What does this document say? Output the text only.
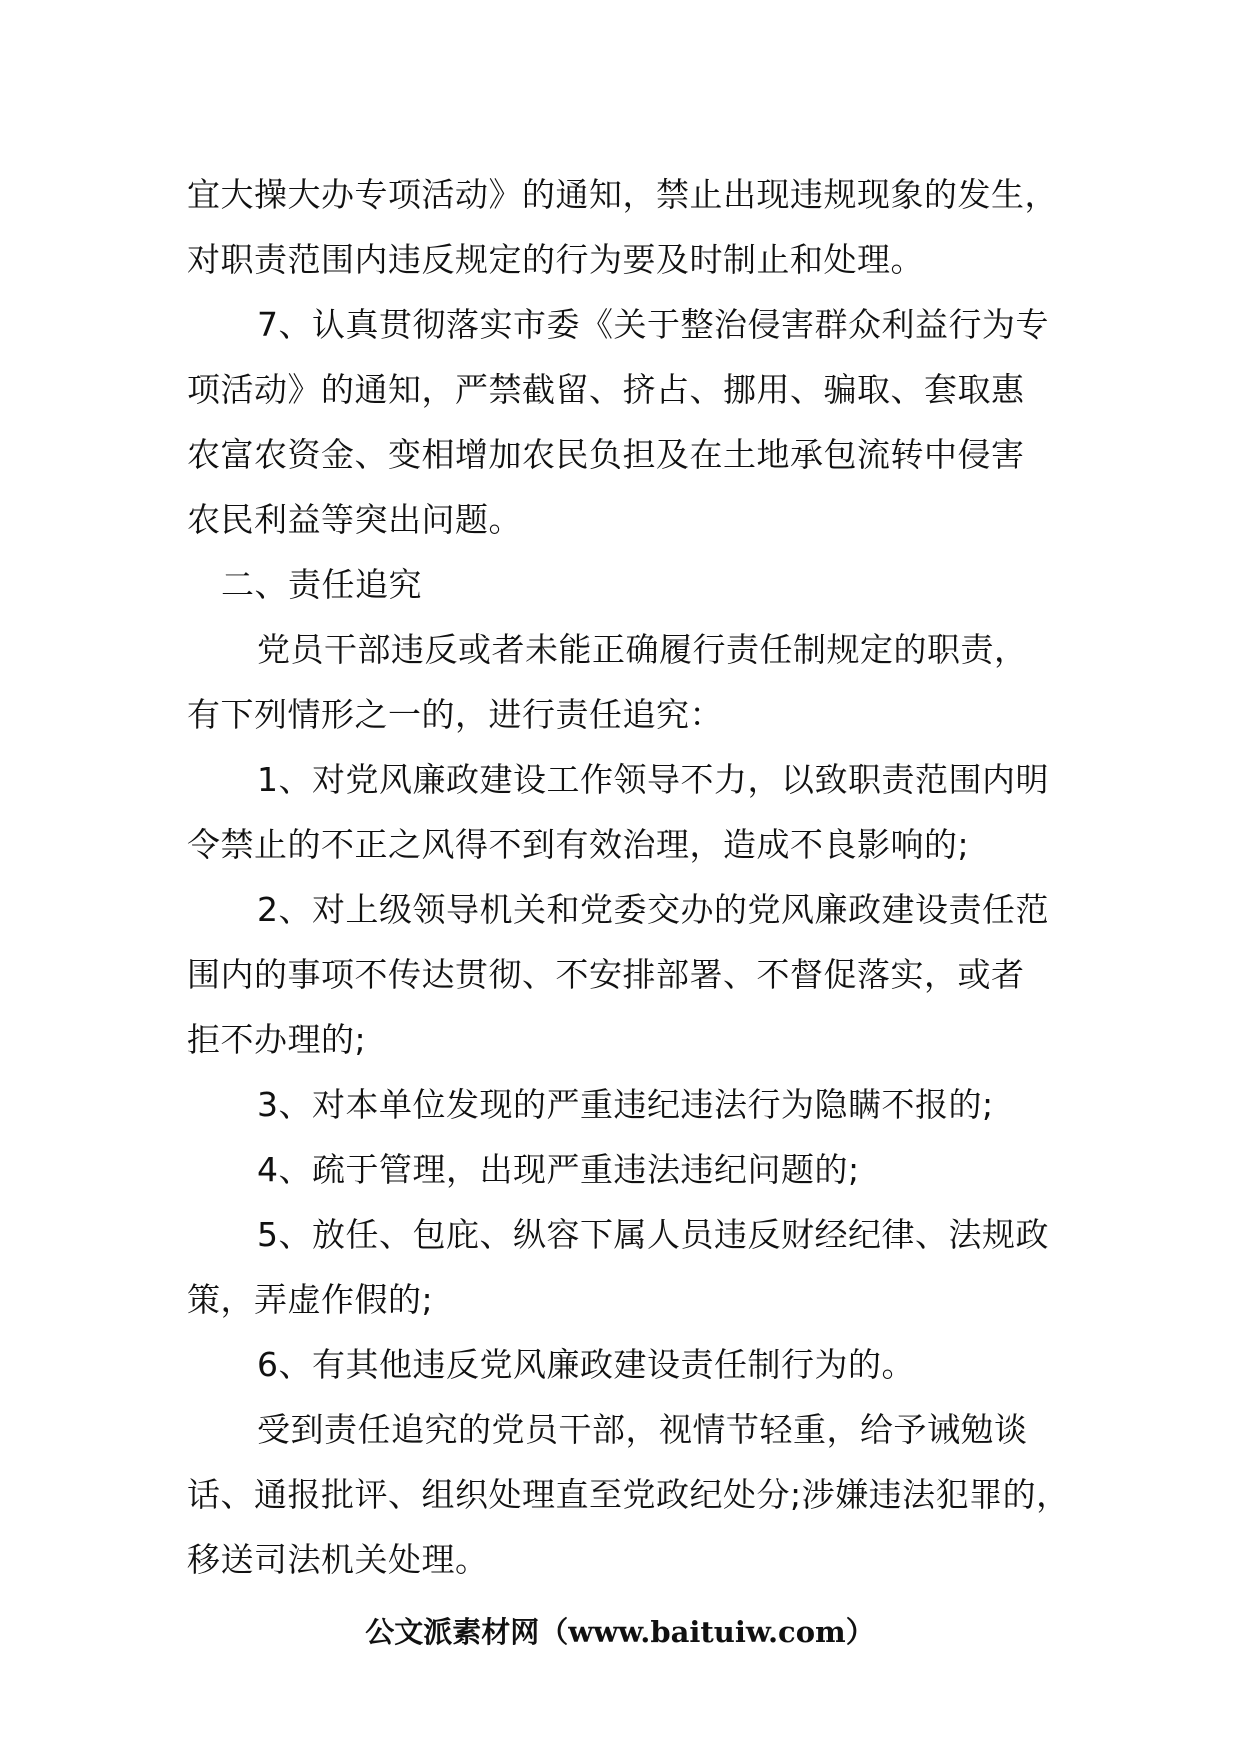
宜大操大办专项活动》的通知，禁止出现违规现象的发生，
对职责范围内违反规定的行为要及时制止和处理。
7、认真贯彻落实市委《关于整治侵害群众利益行为专
项活动》的通知，严禁截留、挤占、挪用、骗取、套取惠
农富农资金、变相增加农民负担及在土地承包流转中侵害
农民利益等突出问题。
二、责任追究
党员干部违反或者未能正确履行责任制规定的职责，
有下列情形之一的，进行责任追究：
1、对党风廉政建设工作领导不力，以致职责范围内明
令禁止的不正之风得不到有效治理，造成不良影响的;
2、对上级领导机关和党委交办的党风廉政建设责任范
围内的事项不传达贯彻、不安排部署、不督促落实，或者
拒不办理的;
3、对本单位发现的严重违纪违法行为隐瞒不报的;
4、疏于管理，出现严重违法违纪问题的;
5、放任、包庇、纵容下属人员违反财经纪律、法规政
策，弄虚作假的;
6、有其他违反党风廉政建设责任制行为的。
受到责任追究的党员干部，视情节轻重，给予诫勉谈
话、通报批评、组织处理直至党政纪处分;涉嫌违法犯罪的，
移送司法机关处理。
公文派素材网（www.baituiw.com）
